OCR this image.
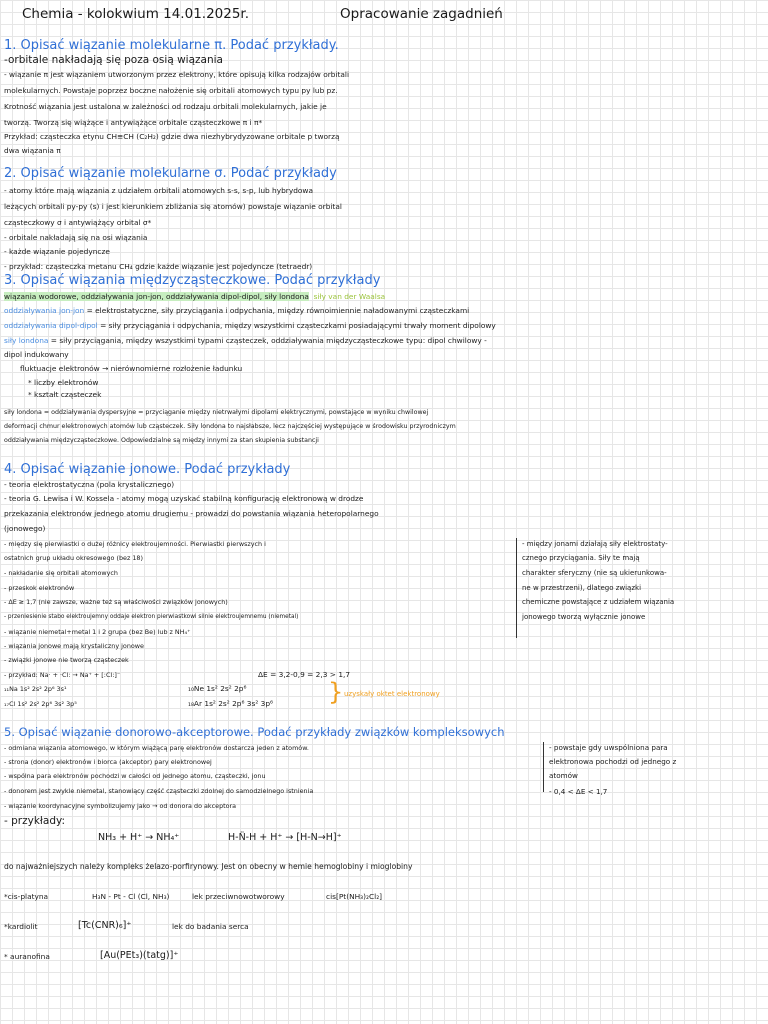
Chemia - kolokwium 14.01.2025r.	Opracowanie zagadnień
1. Opisać wiązanie molekularne π. Podać przykłady.
-orbitale nakładają się poza osią wiązania
- wiązanie π jest wiązaniem utworzonym przez elektrony, które opisują kilka rodzajów orbitali
molekularnych. Powstaje poprzez boczne nałożenie się orbitali atomowych typu py lub pz.
Krotność wiązania jest ustalona w zależności od rodzaju orbitali molekularnych, jakie je
tworzą. Tworzą się wiążące i antywiążące orbitale cząsteczkowe π i π*
Przykład: cząsteczka etynu CH≡CH (C₂H₂) gdzie dwa niezhybrydyzowane orbitale p tworzą
dwa wiązania π
2. Opisać wiązanie molekularne σ. Podać przykłady
- atomy które mają wiązania z udziałem orbitali atomowych s-s, s-p, lub hybrydowa
leżących orbitali py-py (s) i jest kierunkiem zbliżania się atomów) powstaje wiązanie orbital
cząsteczkowy σ i antywiążący orbital σ*
- orbitale nakładają się na osi wiązania
- każde wiązanie pojedyncze
- przykład: cząsteczka metanu CH₄ gdzie każde wiązanie jest pojedyncze (tetraedr)
3. Opisać wiązania międzycząsteczkowe. Podać przykłady
wiązania wodorowe, oddziaływania jon-jon, oddziaływania dipol-dipol, siły londona siły van der Waalsa
oddziaływania jon-jon = elektrostatyczne, siły przyciągania i odpychania, między równoimiennie naładowanymi cząsteczkami
oddziaływania dipol-dipol = siły przyciągania i odpychania, między wszystkimi cząsteczkami posiadającymi trwały moment dipolowy
siły londona = siły przyciągania, między wszystkimi typami cząsteczek, oddziaływania międzycząsteczkowe typu: dipol chwilowy -
dipol indukowany
fluktuacje elektronów → nierównomierne rozłożenie ładunku
* liczby elektronów
* kształt cząsteczek
siły londona = oddziaływania dyspersyjne = przyciąganie między nietrwałymi dipolami elektrycznymi, powstające w wyniku chwilowej
deformacji chmur elektronowych atomów lub cząsteczek. Siły londona to najsłabsze, lecz najczęściej występujące w środowisku przyrodniczym
oddziaływania międzycząsteczkowe. Odpowiedzialne są między innymi za stan skupienia substancji
4. Opisać wiązanie jonowe. Podać przykłady
- teoria elektrostatyczna (pola krystalicznego)
- teoria G. Lewisa i W. Kossela - atomy mogą uzyskać stabilną konfigurację elektronową w drodze
przekazania elektronów jednego atomu drugiemu - prowadzi do powstania wiązania heteropolarnego
(jonowego)
- między się pierwiastki o dużej różnicy elektroujemności. Pierwiastki pierwszych i
ostatnich grup układu okresowego (bez 18)
- nakładanie się orbitali atomowych
- przeskok elektronów
- ΔE ≥ 1,7 (nie zawsze, ważne też są właściwości związków jonowych)
- przeniesienie stabo elektroujemny oddaje elektron pierwiastkowi silnie elektroujemnemu (niemetal)
- wiązanie niemetal+metal 1 i 2 grupa (bez Be) lub z NH₄⁺
- wiązania jonowe mają krystaliczny jonowe
- związki jonowe nie tworzą cząsteczek
- przykład: Na· + ·Cl: → Na⁺ + [:Cl:]⁻	ΔE = 3,2-0,9 = 2,3 > 1,7
₁₁Na 1s² 2s² 2p⁶ 3s¹	₁₀Ne 1s² 2s² 2p⁶
₁₇Cl 1s² 2s² 2p⁶ 3s² 3p⁵	₁₈Ar 1s² 2s² 2p⁶ 3s² 3p⁶ } uzyskały oktet elektronowy
- między jonami działają siły elektrostaty-
cznego przyciągania. Siły te mają
charakter sferyczny (nie są ukierunkowa-
ne w przestrzeni), dlatego związki
chemiczne powstające z udziałem wiązania
jonowego tworzą wyłącznie jonowe
5. Opisać wiązanie donorowo-akceptorowe. Podać przykłady związków kompleksowych
- odmiana wiązania atomowego, w którym wiążącą parę elektronów dostarcza jeden z atomów.
- strona (donor) elektronów i biorca (akceptor) pary elektronowej
- wspólna para elektronów pochodzi w całości od jednego atomu, cząsteczki, jonu
- donorem jest zwykle niemetal, stanowiący część cząsteczki zdolnej do samodzielnego istnienia
- wiązanie koordynacyjne symbolizujemy jako → od donora do akceptora
- przykłady:
NH₃ + H⁺ → NH₄⁺	H-N̈-H + H⁺ → [H-N→H]⁺
- powstaje gdy uwspólniona para
elektronowa pochodzi od jednego z
atomów
- 0,4 < ΔE < 1,7
do najważniejszych należy kompleks żelazo-porfirynowy. Jest on obecny w hemie hemoglobiny i mioglobiny
*cis-platyna	H₃N - Pt - Cl (Cl, NH₃)	lek przeciwnowotworowy	cis[Pt(NH₃)₂Cl₂]
*kardiolit	[Tc(CNR)₆]⁺	lek do badania serca
* auranofina	[Au(PEt₃)(tatg)]⁺
